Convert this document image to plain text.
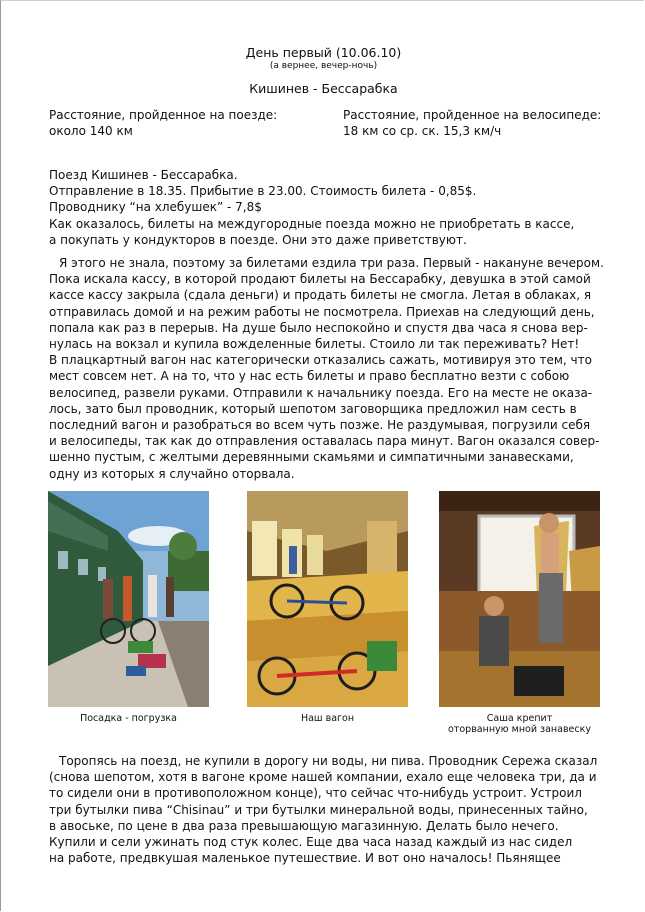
День первый (10.06.10)
(а вернее, вечер-ночь)
Кишинев - Бессарабка
Расстояние, пройденное на поезде:
около 140 км
Расстояние, пройденное на велосипеде:
18 км со ср. ск. 15,3 км/ч

Поезд Кишинев - Бессарабка.

Отправление в 18.35. Прибытие в 23.00. Стоимость билета - 0,85$.

Проводнику “на хлебушек” - 7,8$

Как оказалось, билеты на междугородные поезда можно не приобретать в кассе,

а покупать у кондукторов в поезде. Они это даже приветствуют.

Я этого не знала, поэтому за билетами ездила три раза. Первый - накануне вечером.

Пока искала кассу, в которой продают билеты на Бессарабку, девушка в этой самой

кассе кассу закрыла (сдала деньги) и продать билеты не смогла. Летая в облаках, я

отправилась домой и на режим работы не посмотрела. Приехав на следующий день,

попала как раз в перерыв. На душе было неспокойно и спустя два часа я снова вер-

нулась на вокзал и купила вожделенные билеты. Стоило ли так переживать? Нет!

В плацкартный вагон нас категорически отказались сажать, мотивируя это тем, что

мест совсем нет. А на то, что у нас есть билеты и право бесплатно везти с собою

велосипед, развели руками. Отправили к начальнику поезда. Его на месте не оказа-

лось, зато был проводник, который шепотом заговорщика предложил нам сесть в

последний вагон и разобраться во всем чуть позже. Не раздумывая, погрузили себя

и велосипеды, так как до отправления оставалась пара минут. Вагон оказался совер-

шенно пустым, с желтыми деревянными скамьями и симпатичными занавесками,

одну из которых я случайно оторвала.

Посадка - погрузка	Наш вагон	Саша крепит
оторванную мной занавеску

Торопясь на поезд, не купили в дорогу ни воды, ни пива. Проводник Сережа сказал

(снова шепотом, хотя в вагоне кроме нашей компании, ехало еще человека три, да и

то сидели они в противоположном конце), что сейчас что-нибудь устроит. Устроил

три бутылки пива “Chisinau” и три бутылки минеральной воды, принесенных тайно,

в авоське, по цене в два раза превышающую магазинную. Делать было нечего.

Купили и сели ужинать под стук колес. Еще два часа назад каждый из нас сидел

на работе, предвкушая маленькое путешествие. И вот оно началось! Пьянящее
